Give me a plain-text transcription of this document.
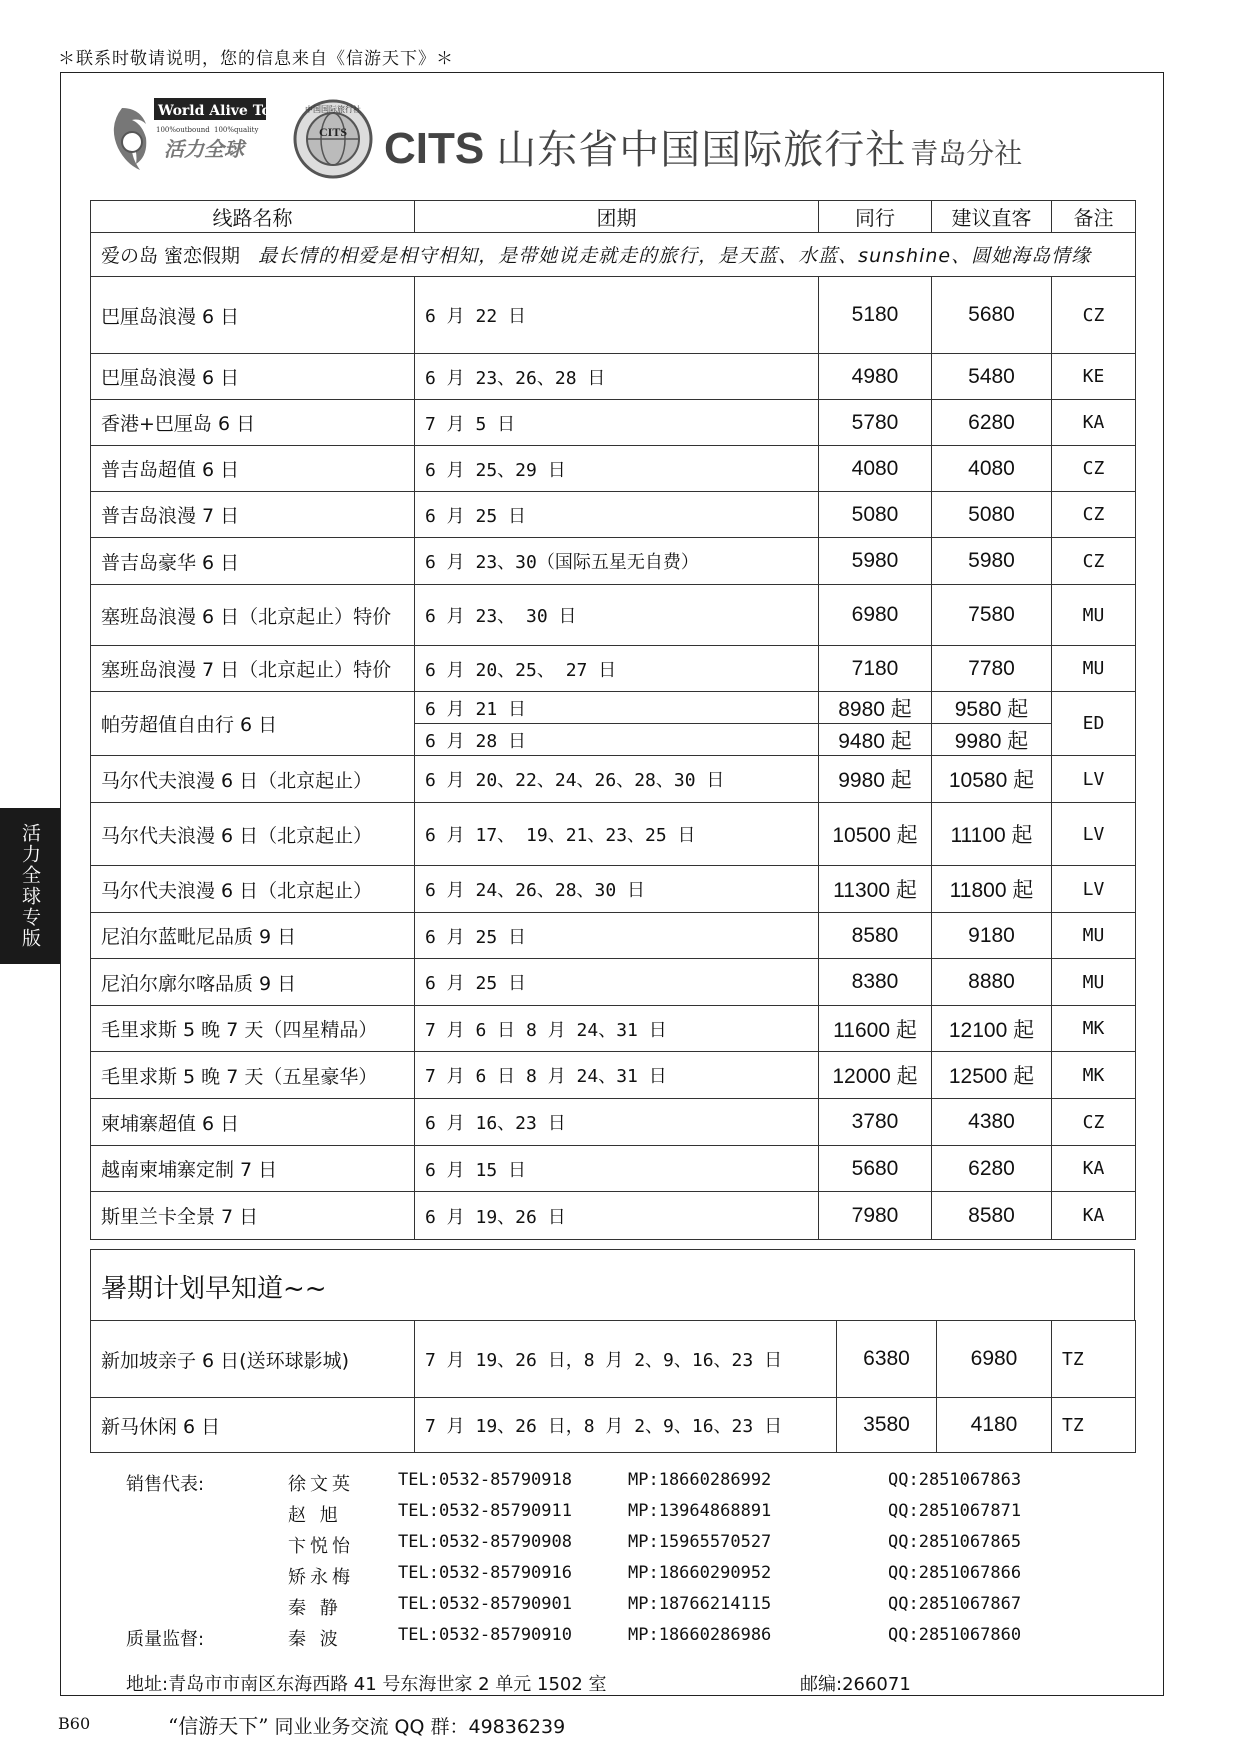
＊联系时敬请说明，您的信息来自《信游天下》＊
活力全球专版
World Alive Tour
100%outbound 100%quality
活力全球
中国国际旅行社
CITS CITS 山东省中国国际旅行社 青岛分社
线路名称	团期	同行	建议直客	备注
爱の岛 蜜恋假期 最长情的相爱是相守相知，是带她说走就走的旅行，是天蓝、水蓝、sunshine、圆她海岛情缘				
巴厘岛浪漫 6 日	6 月 22 日	5180	5680	CZ
巴厘岛浪漫 6 日	6 月 23、26、28 日	4980	5480	KE
香港+巴厘岛 6 日	7 月 5 日	5780	6280	KA
普吉岛超值 6 日	6 月 25、29 日	4080	4080	CZ
普吉岛浪漫 7 日	6 月 25 日	5080	5080	CZ
普吉岛豪华 6 日	6 月 23、30（国际五星无自费）	5980	5980	CZ
塞班岛浪漫 6 日（北京起止）特价	6 月 23、 30 日	6980	7580	MU
塞班岛浪漫 7 日（北京起止）特价	6 月 20、25、 27 日	7180	7780	MU
帕劳超值自由行 6 日	6 月 21 日	8980 起	9580 起	ED
	6 月 28 日	9480 起	9980 起	
马尔代夫浪漫 6 日（北京起止）	6 月 20、22、24、26、28、30 日	9980 起	10580 起	LV
马尔代夫浪漫 6 日（北京起止）	6 月 17、 19、21、23、25 日	10500 起	11100 起	LV
马尔代夫浪漫 6 日（北京起止）	6 月 24、26、28、30 日	11300 起	11800 起	LV
尼泊尔蓝毗尼品质 9 日	6 月 25 日	8580	9180	MU
尼泊尔廓尔喀品质 9 日	6 月 25 日	8380	8880	MU
毛里求斯 5 晚 7 天（四星精品）	7 月 6 日 8 月 24、31 日	11600 起	12100 起	MK
毛里求斯 5 晚 7 天（五星豪华）	7 月 6 日 8 月 24、31 日	12000 起	12500 起	MK
柬埔寨超值 6 日	6 月 16、23 日	3780	4380	CZ
越南柬埔寨定制 7 日	6 月 15 日	5680	6280	KA
斯里兰卡全景 7 日	6 月 19、26 日	7980	8580	KA
暑期计划早知道~~
新加坡亲子 6 日(送环球影城)	7 月 19、26 日，8 月 2、9、16、23 日	6380	6980	TZ
新马休闲 6 日	7 月 19、26 日，8 月 2、9、16、23 日	3580	4180	TZ
销售代表:	徐文英	TEL:0532-85790918	MP:18660286992	QQ:2851067863
赵 旭	TEL:0532-85790911	MP:13964868891	QQ:2851067871
卞悦怡	TEL:0532-85790908	MP:15965570527	QQ:2851067865
矫永梅	TEL:0532-85790916	MP:18660290952	QQ:2851067866
秦 静	TEL:0532-85790901	MP:18766214115	QQ:2851067867
质量监督:	秦 波	TEL:0532-85790910	MP:18660286986	QQ:2851067860
地址:青岛市市南区东海西路 41 号东海世家 2 单元 1502 室	邮编:266071
B60	“信游天下” 同业业务交流 QQ 群：49836239
